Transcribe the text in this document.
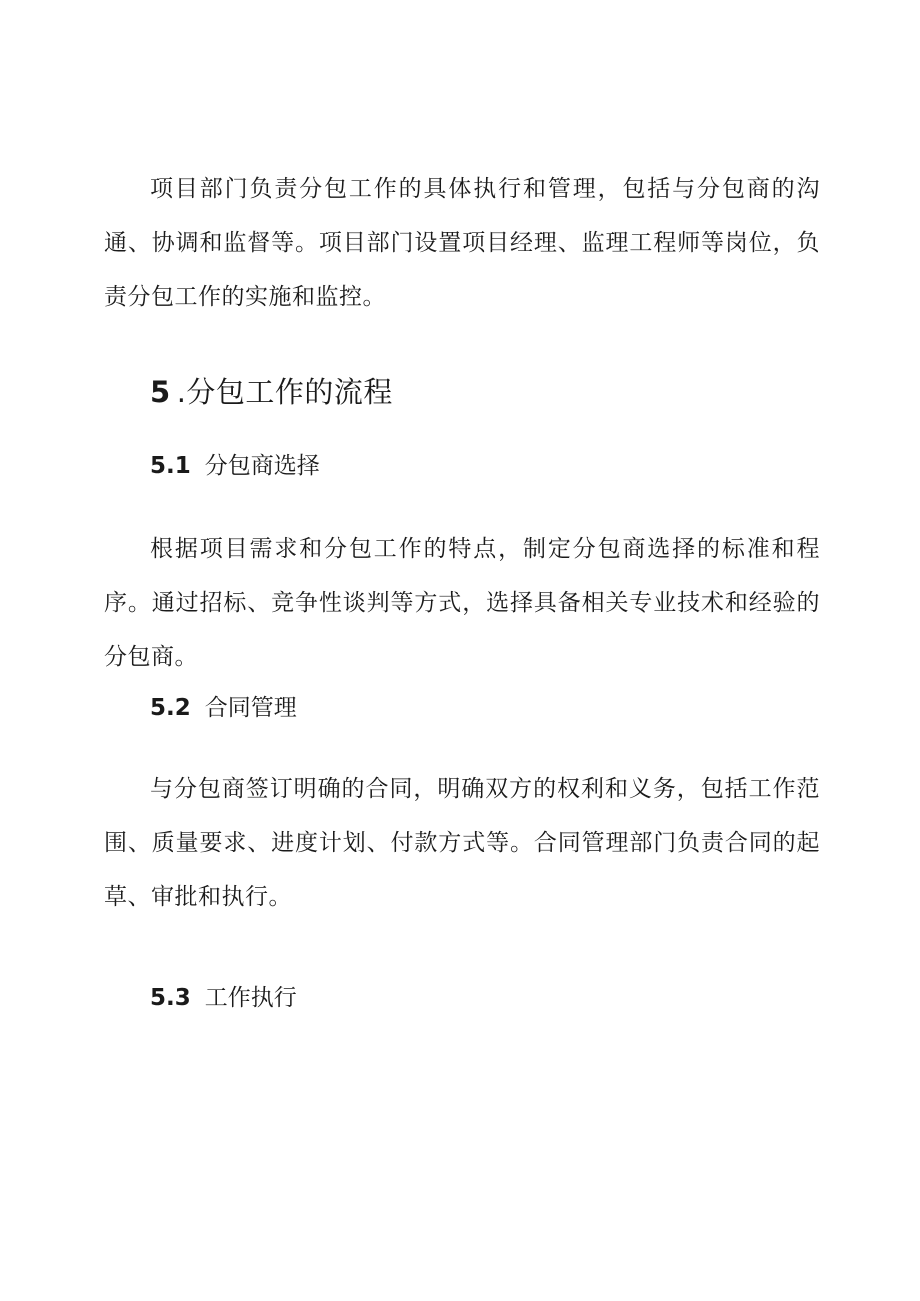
项目部门负责分包工作的具体执行和管理，包括与分包商的沟通、协调和监督等。项目部门设置项目经理、监理工程师等岗位，负责分包工作的实施和监控。

5 .分包工作的流程
5.1 分包商选择

根据项目需求和分包工作的特点，制定分包商选择的标准和程序。通过招标、竞争性谈判等方式，选择具备相关专业技术和经验的分包商。

5.2 合同管理

与分包商签订明确的合同，明确双方的权利和义务，包括工作范围、质量要求、进度计划、付款方式等。合同管理部门负责合同的起草、审批和执行。

5.3 工作执行
